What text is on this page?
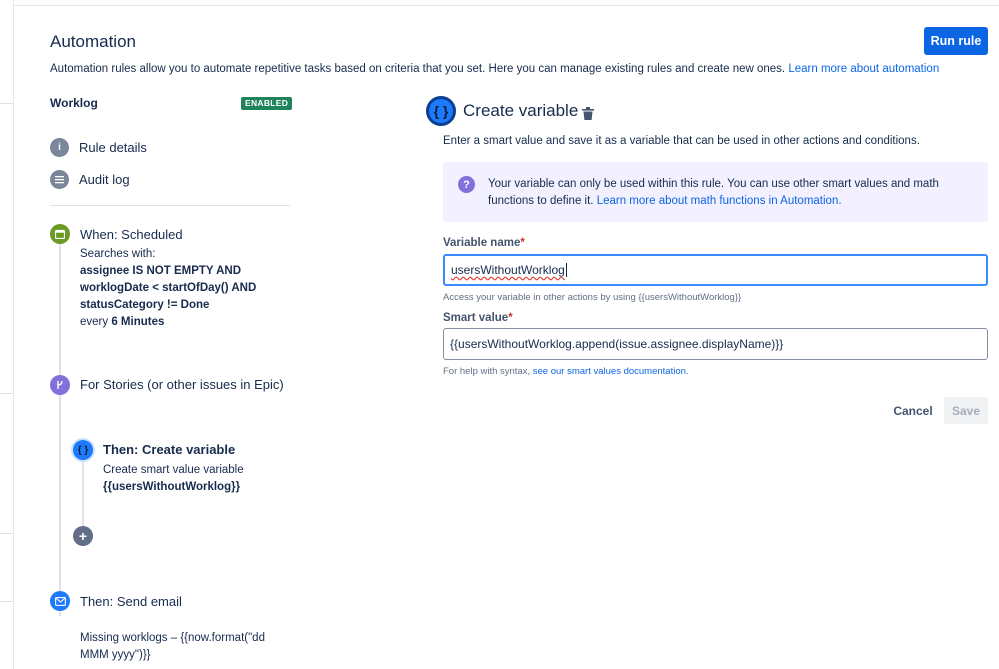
Automation	Run rule
Automation rules allow you to automate repetitive tasks based on criteria that you set. Here you can manage existing rules and create new ones. Learn more about automation
Worklog	ENABLED
i	Rule details
Audit log
When: Scheduled
Searches with:
assignee IS NOT EMPTY AND
worklogDate < startOfDay() AND
statusCategory != Done
every 6 Minutes
For Stories (or other issues in Epic)
{ }	Then: Create variable
Create smart value variable
{{usersWithoutWorklog}}
+
Then: Send email
Missing worklogs – {{now.format("dd
MMM yyyy")}}
{ } Create variable
Enter a smart value and save it as a variable that can be used in other actions and conditions.
?	Your variable can only be used within this rule. You can use other smart values and math functions to define it. Learn more about math functions in Automation.
Variable name*
usersWithoutWorklog
Access your variable in other actions by using {{usersWithoutWorklog}}
Smart value*
{{usersWithoutWorklog.append(issue.assignee.displayName)}}
For help with syntax, see our smart values documentation.
Cancel	Save
